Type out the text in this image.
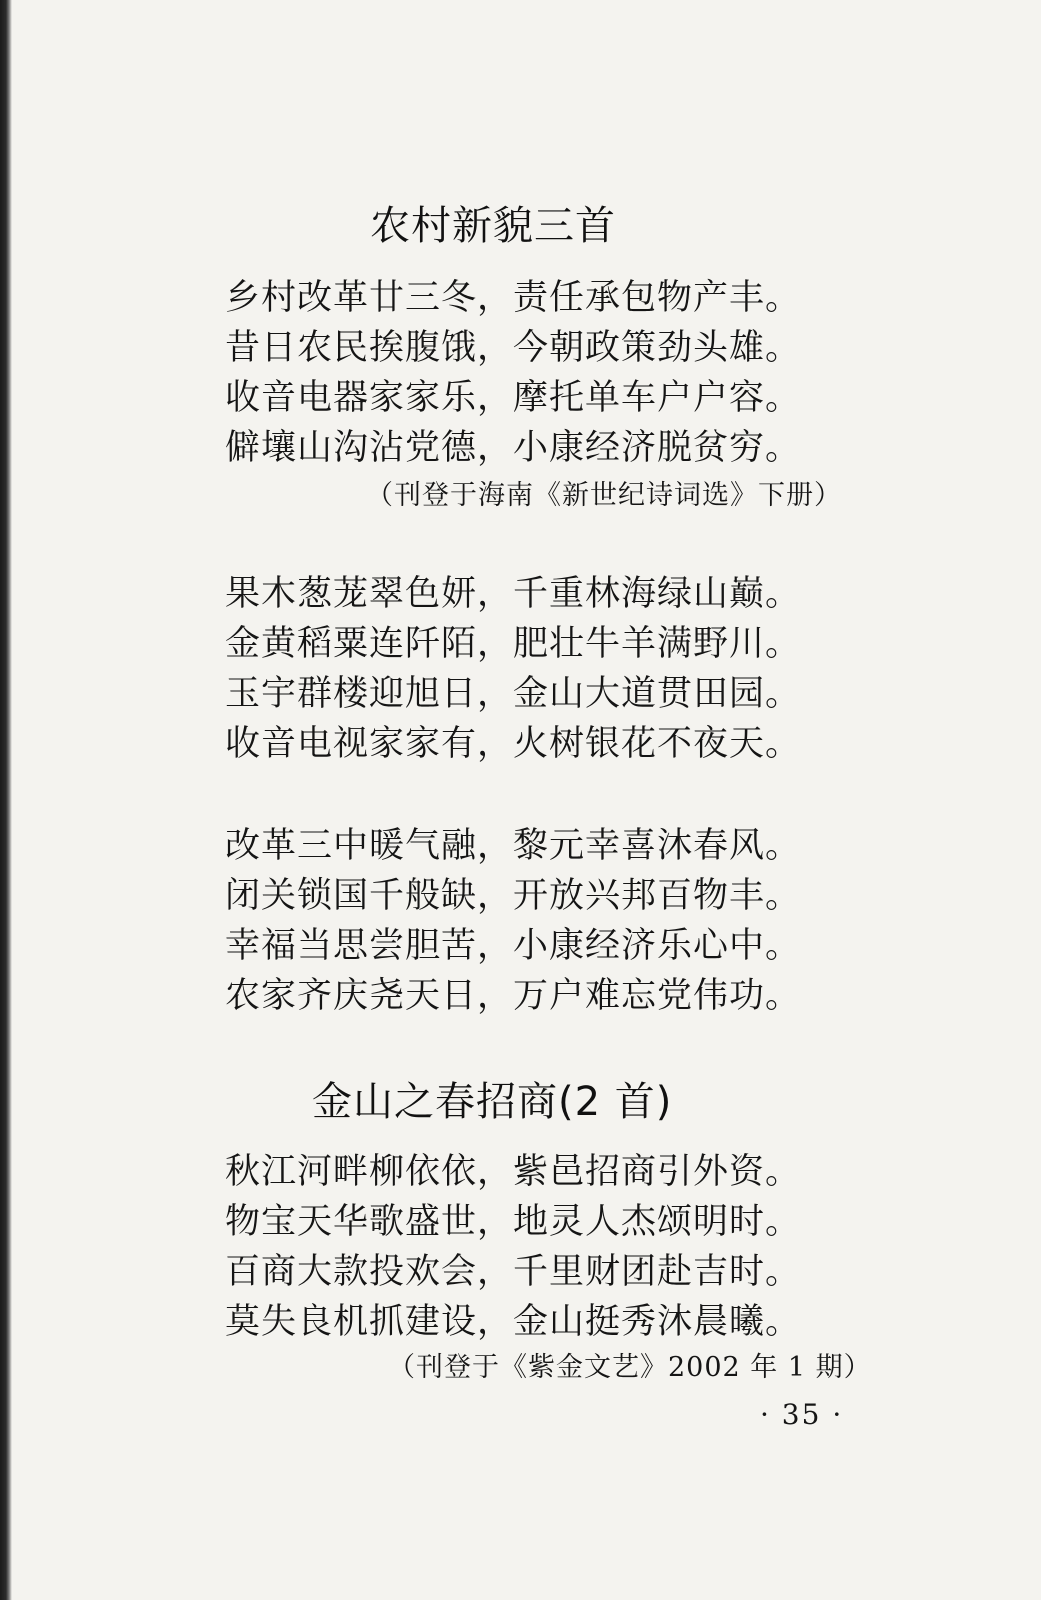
农村新貌三首
乡村改革廿三冬，责任承包物产丰。
昔日农民挨腹饿，今朝政策劲头雄。
收音电器家家乐，摩托单车户户容。
僻壤山沟沾党德，小康经济脱贫穷。
（刊登于海南《新世纪诗词选》下册）
果木葱茏翠色妍，千重林海绿山巅。
金黄稻粟连阡陌，肥壮牛羊满野川。
玉宇群楼迎旭日，金山大道贯田园。
收音电视家家有，火树银花不夜天。
改革三中暖气融，黎元幸喜沐春风。
闭关锁国千般缺，开放兴邦百物丰。
幸福当思尝胆苦，小康经济乐心中。
农家齐庆尧天日，万户难忘党伟功。
金山之春招商(2 首)
秋江河畔柳依依，紫邑招商引外资。
物宝天华歌盛世，地灵人杰颂明时。
百商大款投欢会，千里财团赴吉时。
莫失良机抓建设，金山挺秀沐晨曦。
（刊登于《紫金文艺》2002 年 1 期）
· 35 ·
